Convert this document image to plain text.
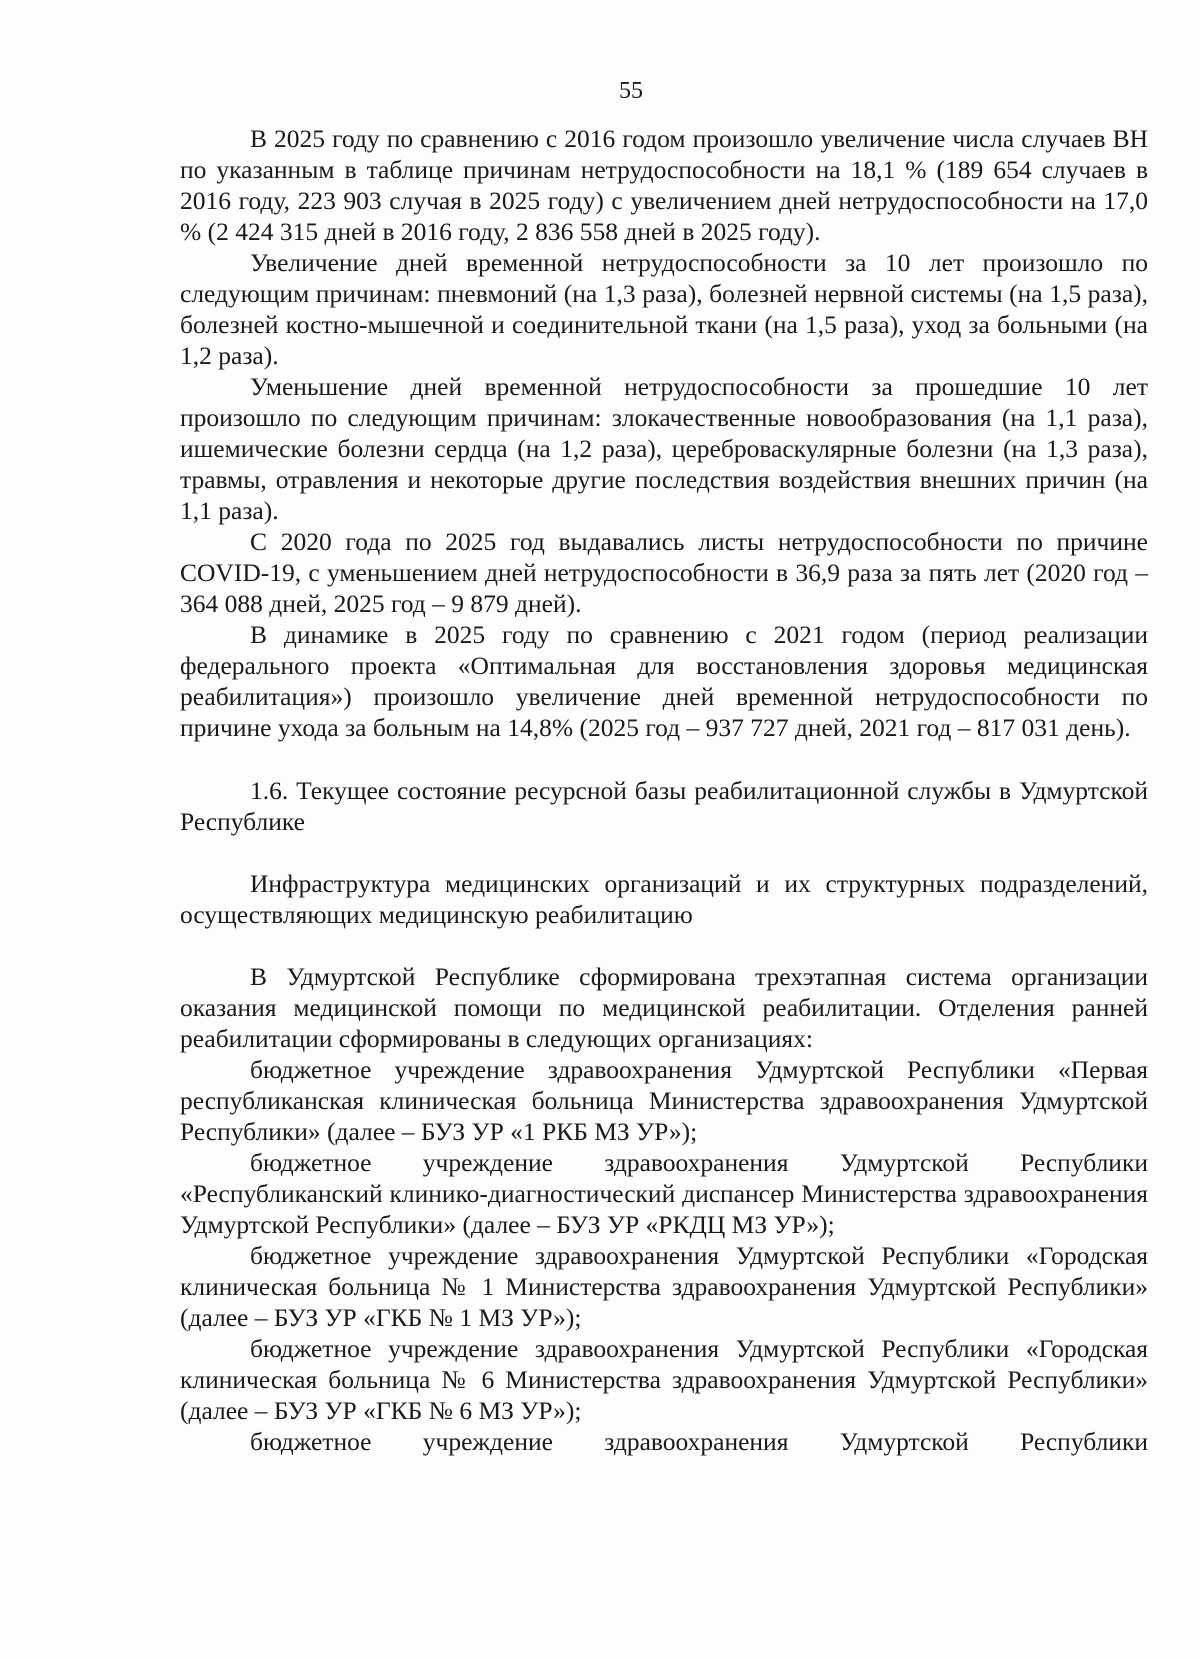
55

В 2025 году по сравнению с 2016 годом произошло увеличение числа случаев ВН по указанным в таблице причинам нетрудоспособности на 18,1 % (189 654 случаев в 2016 году, 223 903 случая в 2025 году) с увеличением дней нетрудоспособности на 17,0 % (2 424 315 дней в 2016 году, 2 836 558 дней в 2025 году).

Увеличение дней временной нетрудоспособности за 10 лет произошло по следующим причинам: пневмоний (на 1,3 раза), болезней нервной системы (на 1,5 раза), болезней костно-мышечной и соединительной ткани (на 1,5 раза), уход за больными (на 1,2 раза).

Уменьшение дней временной нетрудоспособности за прошедшие 10 лет произошло по следующим причинам: злокачественные новообразования (на 1,1 раза), ишемические болезни сердца (на 1,2 раза), цереброваскулярные болезни (на 1,3 раза), травмы, отравления и некоторые другие последствия воздействия внешних причин (на 1,1 раза).

С 2020 года по 2025 год выдавались листы нетрудоспособности по причине COVID-19, с уменьшением дней нетрудоспособности в 36,9 раза за пять лет (2020 год – 364 088 дней, 2025 год – 9 879 дней).

В динамике в 2025 году по сравнению с 2021 годом (период реализации федерального проекта «Оптимальная для восстановления здоровья медицинская реабилитация») произошло увеличение дней временной нетрудоспособности по причине ухода за больным на 14,8% (2025 год – 937 727 дней, 2021 год – 817 031 день).

1.6. Текущее состояние ресурсной базы реабилитационной службы в Удмуртской Республике

Инфраструктура медицинских организаций и их структурных подразделений, осуществляющих медицинскую реабилитацию

В Удмуртской Республике сформирована трехэтапная система организации оказания медицинской помощи по медицинской реабилитации. Отделения ранней реабилитации сформированы в следующих организациях:

бюджетное учреждение здравоохранения Удмуртской Республики «Первая республиканская клиническая больница Министерства здравоохранения Удмуртской Республики» (далее – БУЗ УР «1 РКБ МЗ УР»);

бюджетное учреждение здравоохранения Удмуртской Республики «Республиканский клинико-диагностический диспансер Министерства здравоохранения Удмуртской Республики» (далее – БУЗ УР «РКДЦ МЗ УР»);

бюджетное учреждение здравоохранения Удмуртской Республики «Городская клиническая больница № 1 Министерства здравоохранения Удмуртской Республики» (далее – БУЗ УР «ГКБ № 1 МЗ УР»);

бюджетное учреждение здравоохранения Удмуртской Республики «Городская клиническая больница № 6 Министерства здравоохранения Удмуртской Республики» (далее – БУЗ УР «ГКБ № 6 МЗ УР»);

бюджетное учреждение здравоохранения Удмуртской Республики
